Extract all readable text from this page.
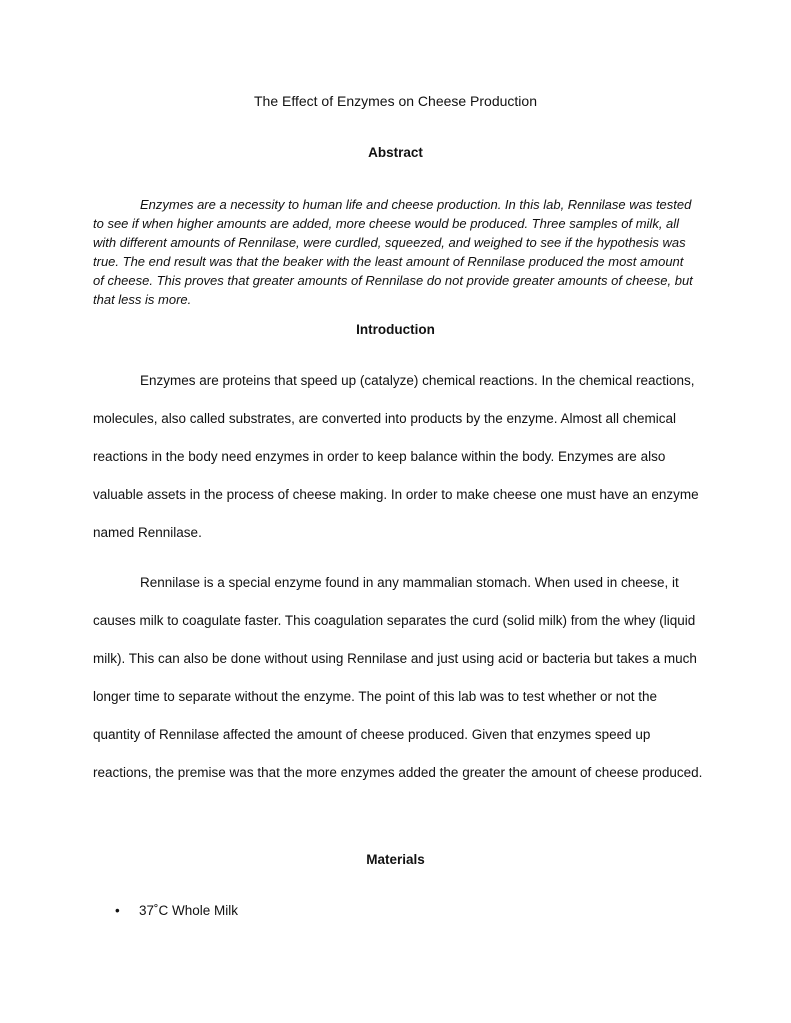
The Effect of Enzymes on Cheese Production
Abstract

Enzymes are a necessity to human life and cheese production. In this lab, Rennilase was tested to see if when higher amounts are added, more cheese would be produced. Three samples of milk, all with different amounts of Rennilase, were curdled, squeezed, and weighed to see if the hypothesis was true. The end result was that the beaker with the least amount of Rennilase produced the most amount of cheese. This proves that greater amounts of Rennilase do not provide greater amounts of cheese, but that less is more.

Introduction

Enzymes are proteins that speed up (catalyze) chemical reactions. In the chemical reactions, molecules, also called substrates, are converted into products by the enzyme. Almost all chemical reactions in the body need enzymes in order to keep balance within the body. Enzymes are also valuable assets in the process of cheese making. In order to make cheese one must have an enzyme named Rennilase.

Rennilase is a special enzyme found in any mammalian stomach. When used in cheese, it causes milk to coagulate faster. This coagulation separates the curd (solid milk) from the whey (liquid milk). This can also be done without using Rennilase and just using acid or bacteria but takes a much longer time to separate without the enzyme. The point of this lab was to test whether or not the quantity of Rennilase affected the amount of cheese produced. Given that enzymes speed up reactions, the premise was that the more enzymes added the greater the amount of cheese produced.

Materials
• 37˚C Whole Milk
